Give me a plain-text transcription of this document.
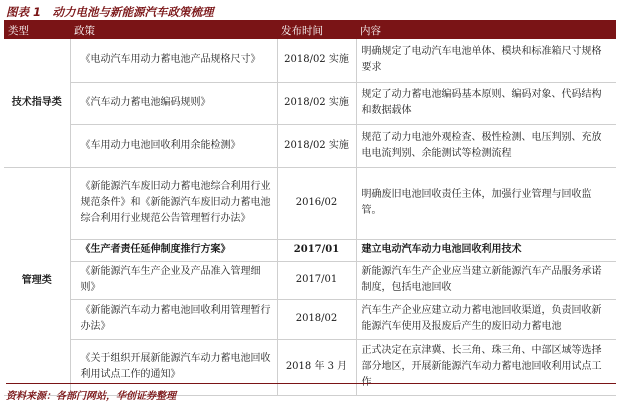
图表 1　动力电池与新能源汽车政策梳理
类型	政策	发布时间	内容
技术指导类	《电动汽车用动力蓄电池产品规格尺寸》	2018/02 实施	明确规定了电动汽车电池单体、模块和标准箱尺寸规格要求
	《汽车动力蓄电池编码规则》	2018/02 实施	规定了动力蓄电池编码基本原则、编码对象、代码结构和数据载体
	《车用动力电池回收利用余能检测》	2018/02 实施	规范了动力电池外观检查、极性检测、电压判别、充放电电流判别、余能测试等检测流程
管理类	《新能源汽车废旧动力蓄电池综合利用行业规范条件》和《新能源汽车废旧动力蓄电池综合利用行业规范公告管理暂行办法》	2016/02	明确废旧电池回收责任主体，加强行业管理与回收监管。
	《生产者责任延伸制度推行方案》	2017/01	建立电动汽车动力电池回收利用技术
	《新能源汽车生产企业及产品准入管理细则》	2017/01	新能源汽车生产企业应当建立新能源汽车产品服务承诺制度，包括电池回收
	《新能源汽车动力蓄电池回收利用管理暂行办法》	2018/02	汽车生产企业应建立动力蓄电池回收渠道，负责回收新能源汽车使用及报废后产生的废旧动力蓄电池
	《关于组织开展新能源汽车动力蓄电池回收利用试点工作的通知》	2018 年 3 月	正式决定在京津冀、长三角、珠三角、中部区域等选择部分地区，开展新能源汽车动力蓄电池回收利用试点工作
资料来源：各部门网站，华创证券整理
